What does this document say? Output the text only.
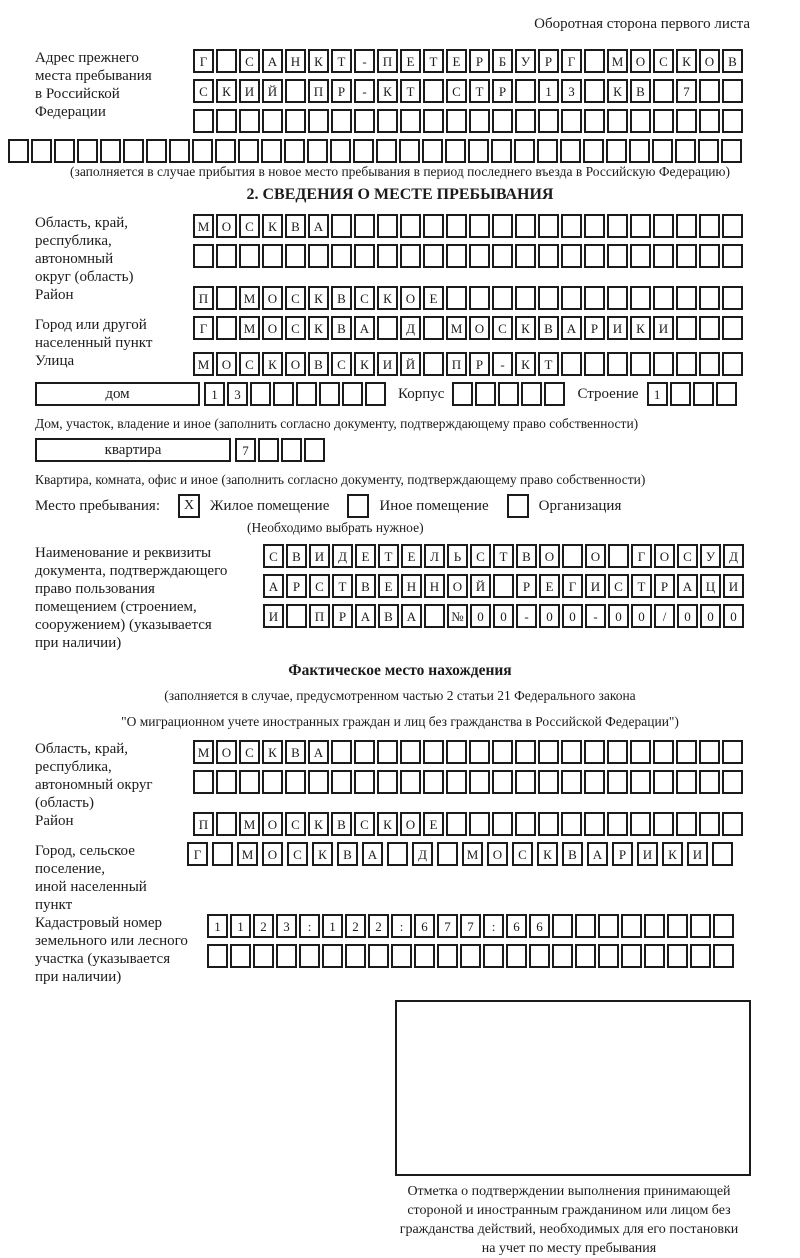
Оборотная сторона первого листа
Адрес прежнего
места пребывания
в Российской
Федерации
Г	С	А	Н	К	Т	-	П	Е	Т	Е	Р	Б	У	Р	Г	М О	С	К	О	В
С	К	И	Й	П	Р	-	К	Т	С	Т	Р	1	3	К	В	7
(заполняется в случае прибытия в новое место пребывания в период последнего въезда в Российскую Федерацию)
2. СВЕДЕНИЯ О МЕСТЕ ПРЕБЫВАНИЯ
Область, край,
республика,
автономный
округ (область)
М О	С	К	В	А
Район	П	М О	С	К	В	С	К	О	Е
Город или другой
населенный пункт
Г	М О	С	К	В	А	Д	М О	С	К	В	А	Р	И	К	И
Улица	М О	С	К	О	В	С	К	И	Й	П	Р	-	К	Т
дом	1	3	Корпус	Строение	1
Дом, участок, владение и иное (заполнить согласно документу, подтверждающему право собственности)
квартира	7
Квартира, комната, офис и иное (заполнить согласно документу, подтверждающему право собственности)
Место пребывания:	X	Жилое помещение	Иное помещение	Организация
(Необходимо выбрать нужное)
Наименование и реквизиты
документа, подтверждающего
право пользования
помещением (строением,
сооружением) (указывается
при наличии)
С	В	И	Д	Е	Т	Е	Л	Ь	С	Т	В	О	О	Г	О	С	У	Д
А	Р	С	Т	В	Е	Н	Н	О	Й	Р	Е	Г	И	С	Т	Р	А	Ц	И
И	П	Р	А	В	А	№	0	0	-	0	0	-	0	0	/	0	0	0
Фактическое место нахождения
(заполняется в случае, предусмотренном частью 2 статьи 21 Федерального закона
"О миграционном учете иностранных граждан и лиц без гражданства в Российской Федерации")
Область, край,
республика,
автономный округ
(область)
М О	С	К	В	А
Район	П	М О	С	К	В	С	К	О	Е
Город, сельское поселение,
иной населенный пункт
Г	М	О	С	К	В	А	Д	М	О	С	К	В	А	Р	И	К	И
Кадастровый номер
земельного или лесного
участка (указывается
при наличии)
1	1	2	3	:	1	2	2	:	6	7	7	:	6	6
Отметка о подтверждении выполнения принимающей
стороной и иностранным гражданином или лицом без
гражданства действий, необходимых для его постановки
на учет по месту пребывания
